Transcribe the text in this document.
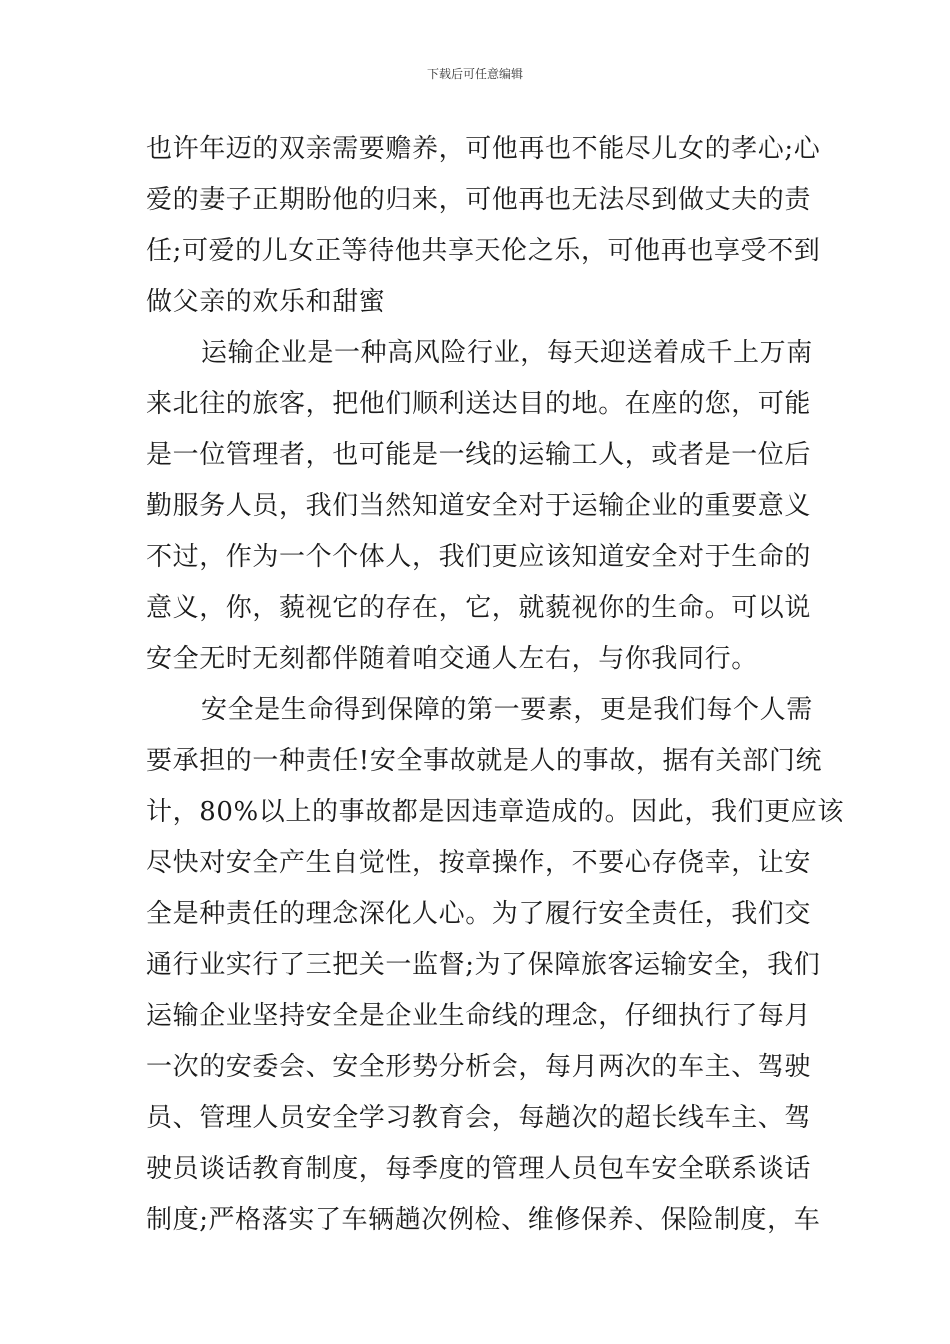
下载后可任意编辑
也许年迈的双亲需要赡养，可他再也不能尽儿女的孝心;心
爱的妻子正期盼他的归来，可他再也无法尽到做丈夫的责
任;可爱的儿女正等待他共享天伦之乐，可他再也享受不到
做父亲的欢乐和甜蜜
运输企业是一种高风险行业，每天迎送着成千上万南
来北往的旅客，把他们顺利送达目的地。在座的您，可能
是一位管理者，也可能是一线的运输工人，或者是一位后
勤服务人员，我们当然知道安全对于运输企业的重要意义
不过，作为一个个体人，我们更应该知道安全对于生命的
意义，你，藐视它的存在，它，就藐视你的生命。可以说
安全无时无刻都伴随着咱交通人左右，与你我同行。
安全是生命得到保障的第一要素，更是我们每个人需
要承担的一种责任!安全事故就是人的事故，据有关部门统
计，80%以上的事故都是因违章造成的。因此，我们更应该
尽快对安全产生自觉性，按章操作，不要心存侥幸，让安
全是种责任的理念深化人心。为了履行安全责任，我们交
通行业实行了三把关一监督;为了保障旅客运输安全，我们
运输企业坚持安全是企业生命线的理念，仔细执行了每月
一次的安委会、安全形势分析会，每月两次的车主、驾驶
员、管理人员安全学习教育会，每趟次的超长线车主、驾
驶员谈话教育制度，每季度的管理人员包车安全联系谈话
制度;严格落实了车辆趟次例检、维修保养、保险制度，车
